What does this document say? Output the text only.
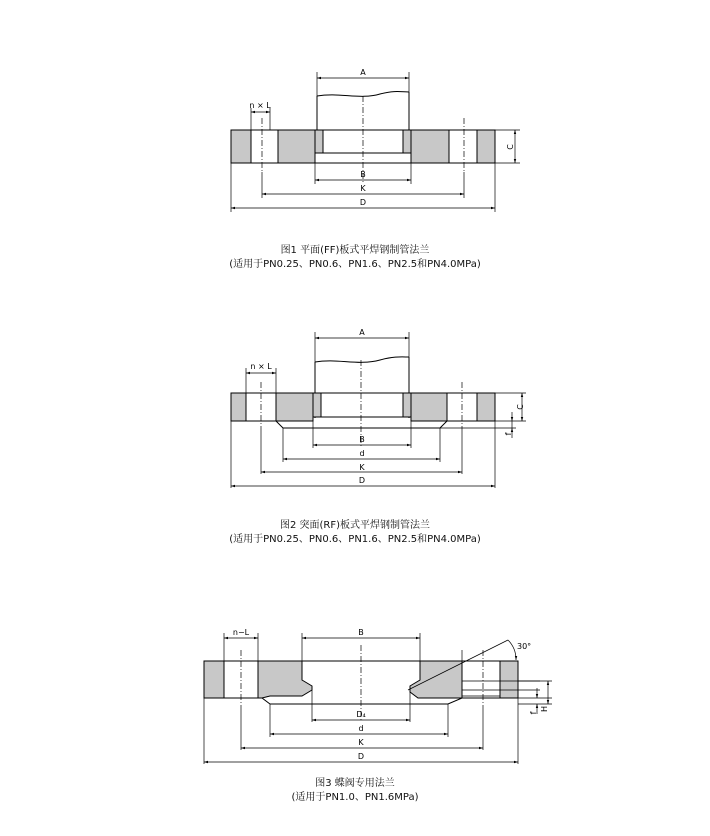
A
n × L
B
K
D
C
A
n × L
B
d
K
D
C
f
n−L	B
30°
D₄
d
K
D
f
H
图1 平面(FF)板式平焊钢制管法兰
(适用于PN0.25、PN0.6、PN1.6、PN2.5和PN4.0MPa)
图2 突面(RF)板式平焊钢制管法兰
(适用于PN0.25、PN0.6、PN1.6、PN2.5和PN4.0MPa)
图3 蝶阀专用法兰
(适用于PN1.0、PN1.6MPa)
